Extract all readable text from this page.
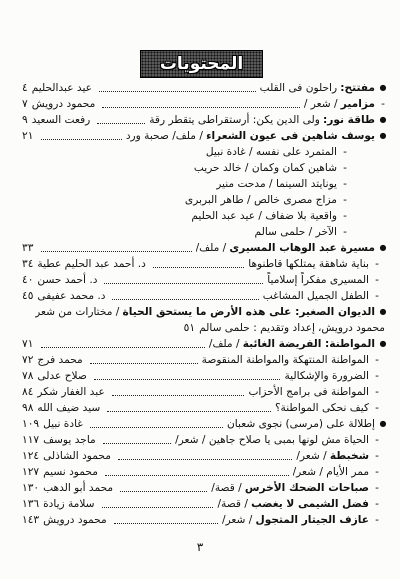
المحتويات
●
مفتتح:راحلون فى القلب
عيد عبدالحليم
٤
-
مزامير/ شعر /
محمود درويش
٧
●
طاقة نور:ولى الدين يكن: أرستقراطى يتقطر رقة
رفعت السعيد
٩
●
يوسف شاهين فى عيون الشعراء/ ملف/ صحبة ورد
٢١
-
المتمرد على نفسه / غادة نبيل
-
شاهين كمان وكمان / خالد حريب
-
يونايتد السينما / مدحت منير
-
مزاج مصرى خالص / طاهر البربرى
-
واقعية بلا ضفاف / عيد عبد الحليم
-
الآخر / حلمى سالم
●
مسيرة عبد الوهاب المسيرى/ ملف/
٣٣
-
بناية شاهقة يمتلكها قاطنوها
د. أحمد عبد الحليم عطية
٣٤
-
المسيرى مفكراً إسلامياً
د. أحمد حسن
٤٠
-
الطفل الجميل المشاغب
د. محمد عفيفى
٤٥
●
الديوان الصغير: على هذه الأرض ما يستحق الحياة/ مختارات من شعر
محمود درويش،
إعداد وتقديم : حلمى سالم
٥١
●
المواطنة: الفريضة الغائبة/ ملف/
٧١
-
المواطنة المنتهكة والمواطنة المنقوصة
محمد فرج
٧٢
-
الضرورة والإشكالية
صلاح عدلى
٧٨
-
المواطنة فى برامج الأحزاب
عبد الغفار شكر
٨٤
-
كيف نحكى المواطنة؟
سيد ضيف الله
٩٨
●
إطلالة على (مرسى) نجوى شعبان
غادة نبيل
١٠٩
-
الحياة مش لونها بمبى يا صلاح جاهين / شعر/
ماجد يوسف
١١٧
-
شخبطة/ شعر/
محمود الشاذلى
١٢٤
-
ممر الأيام / شعر/
محمود نسيم
١٢٧
-
صباحات الضحك الأخرس/ قصة/
محمد أبو الدهب
١٣٠
-
فضل الشيمى لا يغضب/ قصة/
سلامة زيادة
١٣٦
-
عازف الجيتار المتجول/ شعر/
محمود درويش
١٤٣
٣
